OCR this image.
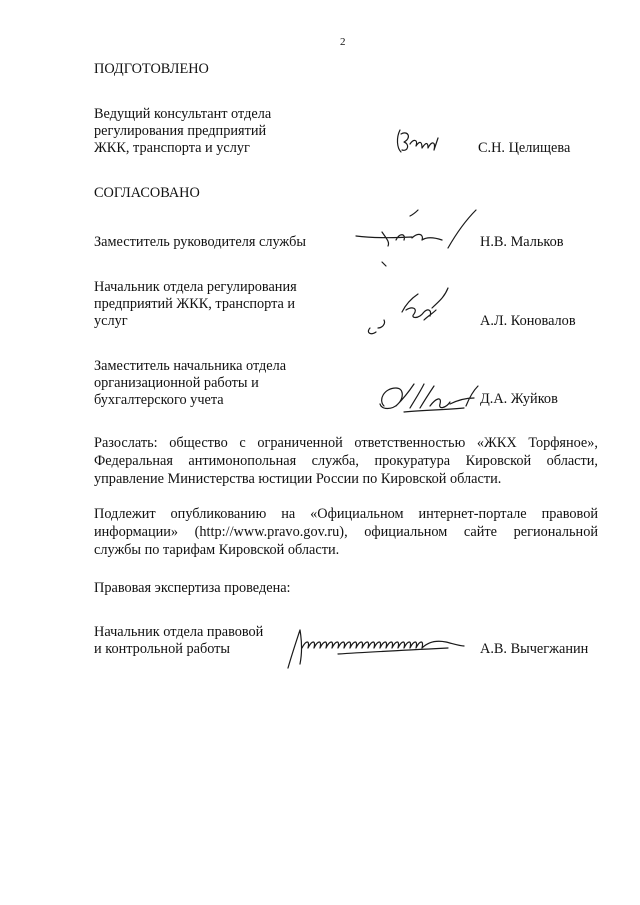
2
ПОДГОТОВЛЕНО
Ведущий консультант отдела
регулирования предприятий
ЖКК, транспорта и услуг	С.Н. Целищева
СОГЛАСОВАНО
Заместитель руководителя службы	Н.В. Мальков
Начальник отдела регулирования
предприятий ЖКК, транспорта и
услуг	А.Л. Коновалов
Заместитель начальника отдела
организационной работы и
бухгалтерского учета	Д.А. Жуйков
Разослать: общество с ограниченной ответственностью «ЖКХ Торфяное»,
Федеральная антимонопольная служба, прокуратура Кировской области,
управление Министерства юстиции России по Кировской области.
Подлежит опубликованию на «Официальном интернет-портале правовой
информации» (http://www.pravo.gov.ru), официальном сайте региональной
службы по тарифам Кировской области.
Правовая экспертиза проведена:
Начальник отдела правовой
и контрольной работы	А.В. Вычегжанин
